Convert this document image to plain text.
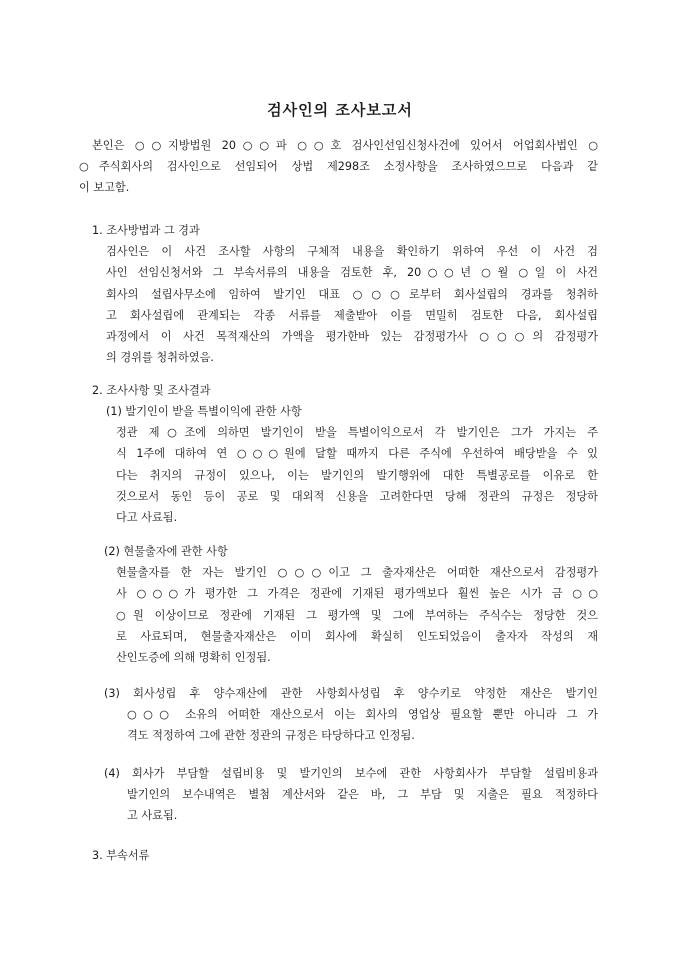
검사인의 조사보고서
본인은 ○○지방법원 20○○파 ○○호 검사인선임신청사건에 있어서 어업회사법인 ○
○주식회사의 검사인으로 선임되어 상법 제298조 소정사항을 조사하였으므로 다음과 같
이 보고함.
1. 조사방법과 그 경과
검사인은 이 사건 조사할 사항의 구체적 내용을 확인하기 위하여 우선 이 사건 검
사인 선임신청서와 그 부속서류의 내용을 검토한 후, 20○○년 ○월 ○일 이 사건
회사의 설립사무소에 임하여 발기인 대표 ○○○로부터 회사설립의 경과를 청취하
고 회사설립에 관계되는 각종 서류를 제출받아 이를 면밀히 검토한 다음, 회사설립
과정에서 이 사건 목적재산의 가액을 평가한바 있는 감정평가사 ○○○의 감정평가
의 경위를 청취하였음.
2. 조사사항 및 조사결과
(1) 발기인이 받을 특별이익에 관한 사항
정관 제○조에 의하면 발기인이 받을 특별이익으로서 각 발기인은 그가 가지는 주
식 1주에 대하여 연 ○○○원에 달할 때까지 다른 주식에 우선하여 배당받을 수 있
다는 취지의 규정이 있으나, 이는 발기인의 발기행위에 대한 특별공로를 이유로 한
것으로서 동인 등이 공로 및 대외적 신용을 고려한다면 당해 정관의 규정은 정당하
다고 사료됨.
(2) 현물출자에 관한 사항
현물출자를 한 자는 발기인 ○○○이고 그 출자재산은 어떠한 재산으로서 감정평가
사 ○○○가 평가한 그 가격은 정관에 기재된 평가액보다 훨씬 높은 시가 금 ○○
○원 이상이므로 정관에 기재된 그 평가액 및 그에 부여하는 주식수는 정당한 것으
로 사료되며, 현물출자재산은 이미 회사에 확실히 인도되었음이 출자자 작성의 재
산인도증에 의해 명확히 인정됨.
(3) 회사성립 후 양수재산에 관한 사항회사성립 후 양수키로 약정한 재산은 발기인
○○○ 소유의 어떠한 재산으로서 이는 회사의 영업상 필요할 뿐만 아니라 그 가
격도 적정하여 그에 관한 정관의 규정은 타당하다고 인정됨.
(4) 회사가 부담할 설립비용 및 발기인의 보수에 관한 사항회사가 부담할 설립비용과
발기인의 보수내역은 별첨 계산서와 같은 바, 그 부담 및 지출은 필요 적정하다
고 사료됨.
3. 부속서류
